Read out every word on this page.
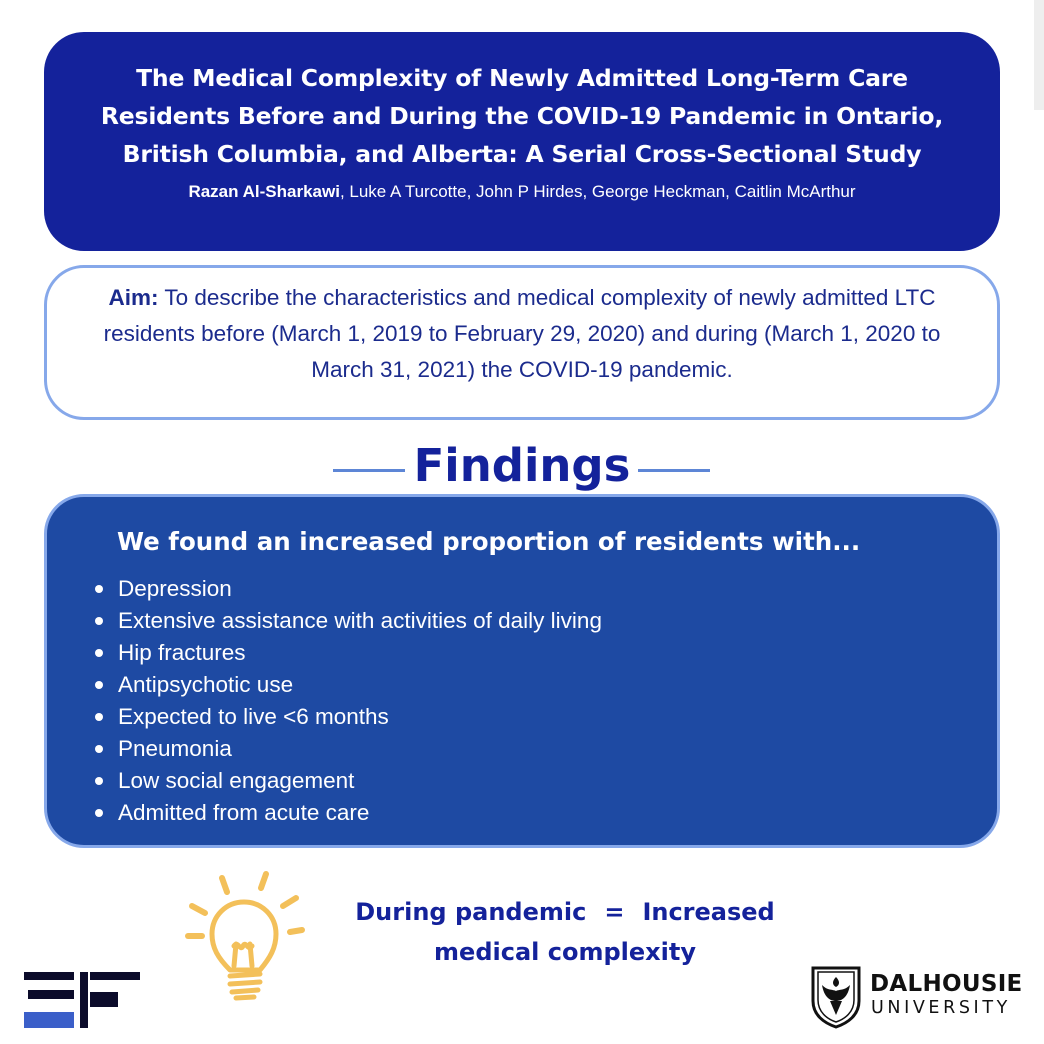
The Medical Complexity of Newly Admitted Long-Term Care Residents Before and During the COVID-19 Pandemic in Ontario, British Columbia, and Alberta: A Serial Cross-Sectional Study

Razan Al-Sharkawi, Luke A Turcotte, John P Hirdes, George Heckman, Caitlin McArthur

Aim: To describe the characteristics and medical complexity of newly admitted LTC residents before (March 1, 2019 to February 29, 2020) and during (March 1, 2020 to March 31, 2021) the COVID-19 pandemic.

Findings
We found an increased proportion of residents with...
Depression
Extensive assistance with activities of daily living
Hip fractures
Antipsychotic use
Expected to live <6 months
Pneumonia
Low social engagement
Admitted from acute care
During pandemic = Increased
medical complexity
DALHOUSIE
UNIVERSITY
